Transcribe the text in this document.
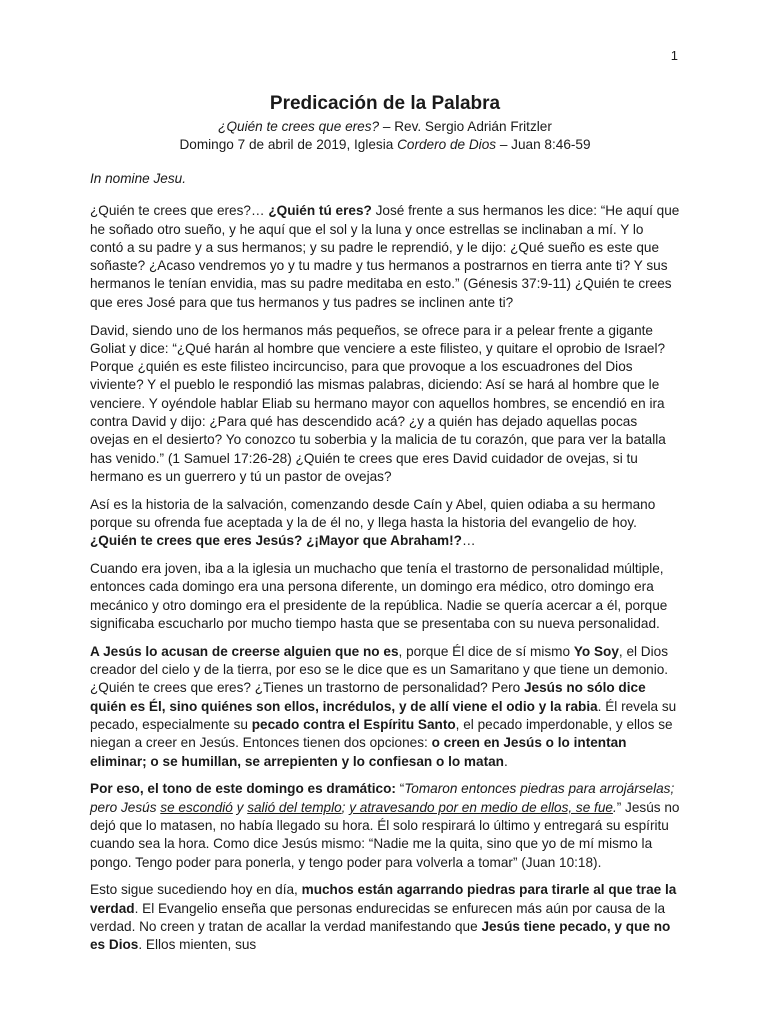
1
Predicación de la Palabra
¿Quién te crees que eres? – Rev. Sergio Adrián Fritzler
Domingo 7 de abril de 2019, Iglesia Cordero de Dios – Juan 8:46-59
In nomine Jesu.
¿Quién te crees que eres?… ¿Quién tú eres? José frente a sus hermanos les dice: “He aquí que he soñado otro sueño, y he aquí que el sol y la luna y once estrellas se inclinaban a mí. Y lo contó a su padre y a sus hermanos; y su padre le reprendió, y le dijo: ¿Qué sueño es este que soñaste? ¿Acaso vendremos yo y tu madre y tus hermanos a postrarnos en tierra ante ti? Y sus hermanos le tenían envidia, mas su padre meditaba en esto.” (Génesis 37:9-11) ¿Quién te crees que eres José para que tus hermanos y tus padres se inclinen ante ti?
David, siendo uno de los hermanos más pequeños, se ofrece para ir a pelear frente a gigante Goliat y dice: “¿Qué harán al hombre que venciere a este filisteo, y quitare el oprobio de Israel? Porque ¿quién es este filisteo incircunciso, para que provoque a los escuadrones del Dios viviente? Y el pueblo le respondió las mismas palabras, diciendo: Así se hará al hombre que le venciere. Y oyéndole hablar Eliab su hermano mayor con aquellos hombres, se encendió en ira contra David y dijo: ¿Para qué has descendido acá? ¿y a quién has dejado aquellas pocas ovejas en el desierto? Yo conozco tu soberbia y la malicia de tu corazón, que para ver la batalla has venido.” (1 Samuel 17:26-28) ¿Quién te crees que eres David cuidador de ovejas, si tu hermano es un guerrero y tú un pastor de ovejas?
Así es la historia de la salvación, comenzando desde Caín y Abel, quien odiaba a su hermano porque su ofrenda fue aceptada y la de él no, y llega hasta la historia del evangelio de hoy. ¿Quién te crees que eres Jesús? ¿¡Mayor que Abraham!?…
Cuando era joven, iba a la iglesia un muchacho que tenía el trastorno de personalidad múltiple, entonces cada domingo era una persona diferente, un domingo era médico, otro domingo era mecánico y otro domingo era el presidente de la república. Nadie se quería acercar a él, porque significaba escucharlo por mucho tiempo hasta que se presentaba con su nueva personalidad.
A Jesús lo acusan de creerse alguien que no es, porque Él dice de sí mismo Yo Soy, el Dios creador del cielo y de la tierra, por eso se le dice que es un Samaritano y que tiene un demonio. ¿Quién te crees que eres? ¿Tienes un trastorno de personalidad? Pero Jesús no sólo dice quién es Él, sino quiénes son ellos, incrédulos, y de allí viene el odio y la rabia. Él revela su pecado, especialmente su pecado contra el Espíritu Santo, el pecado imperdonable, y ellos se niegan a creer en Jesús. Entonces tienen dos opciones: o creen en Jesús o lo intentan eliminar; o se humillan, se arrepienten y lo confiesan o lo matan.
Por eso, el tono de este domingo es dramático: “Tomaron entonces piedras para arrojárselas; pero Jesús se escondió y salió del templo; y atravesando por en medio de ellos, se fue.” Jesús no dejó que lo matasen, no había llegado su hora. Él solo respirará lo último y entregará su espíritu cuando sea la hora. Como dice Jesús mismo: “Nadie me la quita, sino que yo de mí mismo la pongo. Tengo poder para ponerla, y tengo poder para volverla a tomar” (Juan 10:18).
Esto sigue sucediendo hoy en día, muchos están agarrando piedras para tirarle al que trae la verdad. El Evangelio enseña que personas endurecidas se enfurecen más aún por causa de la verdad. No creen y tratan de acallar la verdad manifestando que Jesús tiene pecado, y que no es Dios. Ellos mienten, sus
